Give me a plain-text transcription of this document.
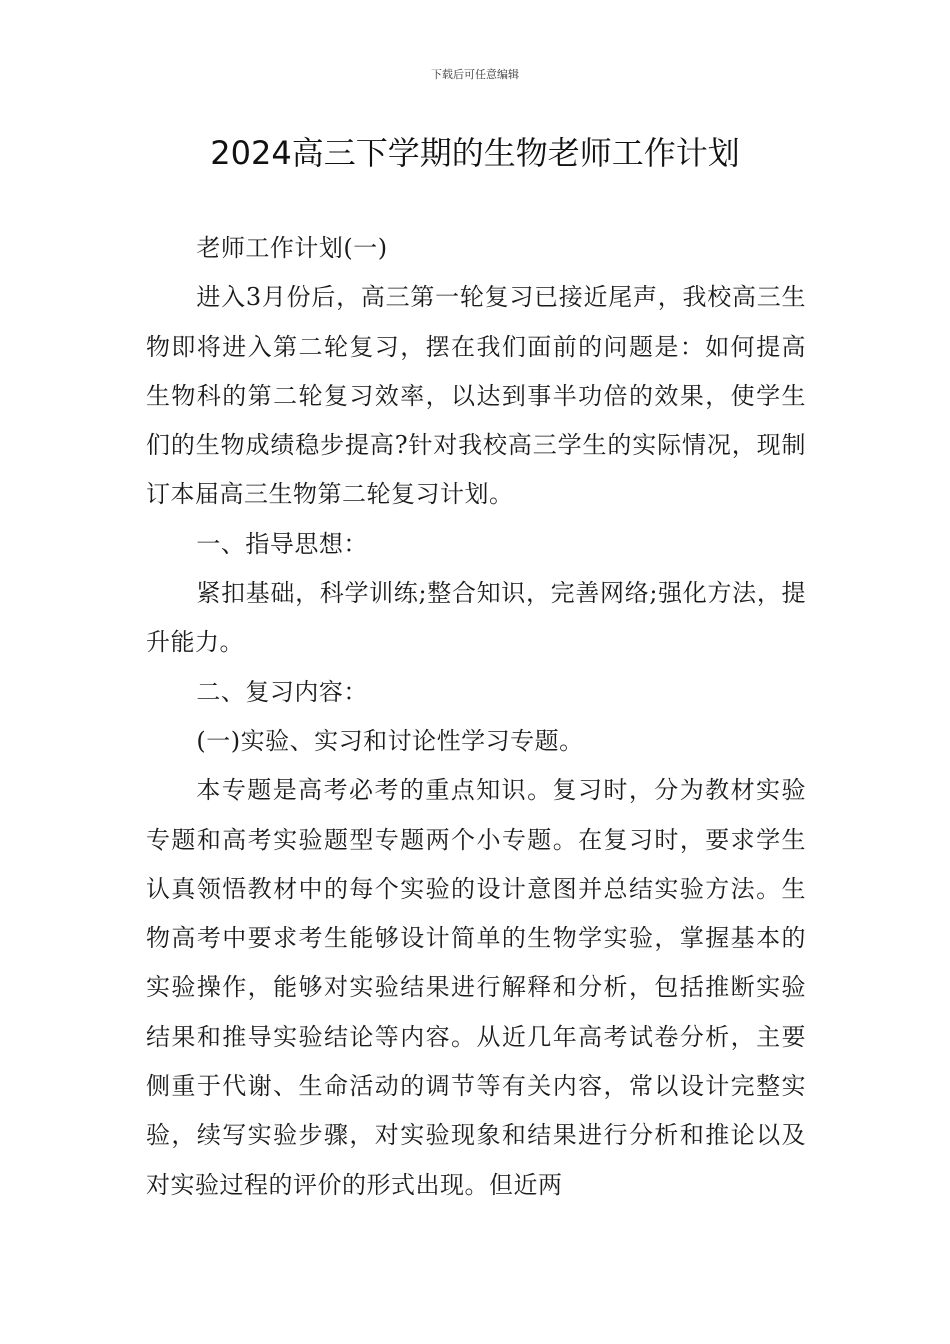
下载后可任意编辑
2024高三下学期的生物老师工作计划

老师工作计划(一)

进入3月份后，高三第一轮复习已接近尾声，我校高三生物即将进入第二轮复习，摆在我们面前的问题是：如何提高生物科的第二轮复习效率，以达到事半功倍的效果，使学生们的生物成绩稳步提高?针对我校高三学生的实际情况，现制订本届高三生物第二轮复习计划。

一、指导思想：

紧扣基础，科学训练;整合知识，完善网络;强化方法，提升能力。

二、复习内容：

(一)实验、实习和讨论性学习专题。

本专题是高考必考的重点知识。复习时，分为教材实验专题和高考实验题型专题两个小专题。在复习时，要求学生认真领悟教材中的每个实验的设计意图并总结实验方法。生物高考中要求考生能够设计简单的生物学实验，掌握基本的实验操作，能够对实验结果进行解释和分析，包括推断实验结果和推导实验结论等内容。从近几年高考试卷分析，主要侧重于代谢、生命活动的调节等有关内容，常以设计完整实验，续写实验步骤，对实验现象和结果进行分析和推论以及对实验过程的评价的形式出现。但近两
